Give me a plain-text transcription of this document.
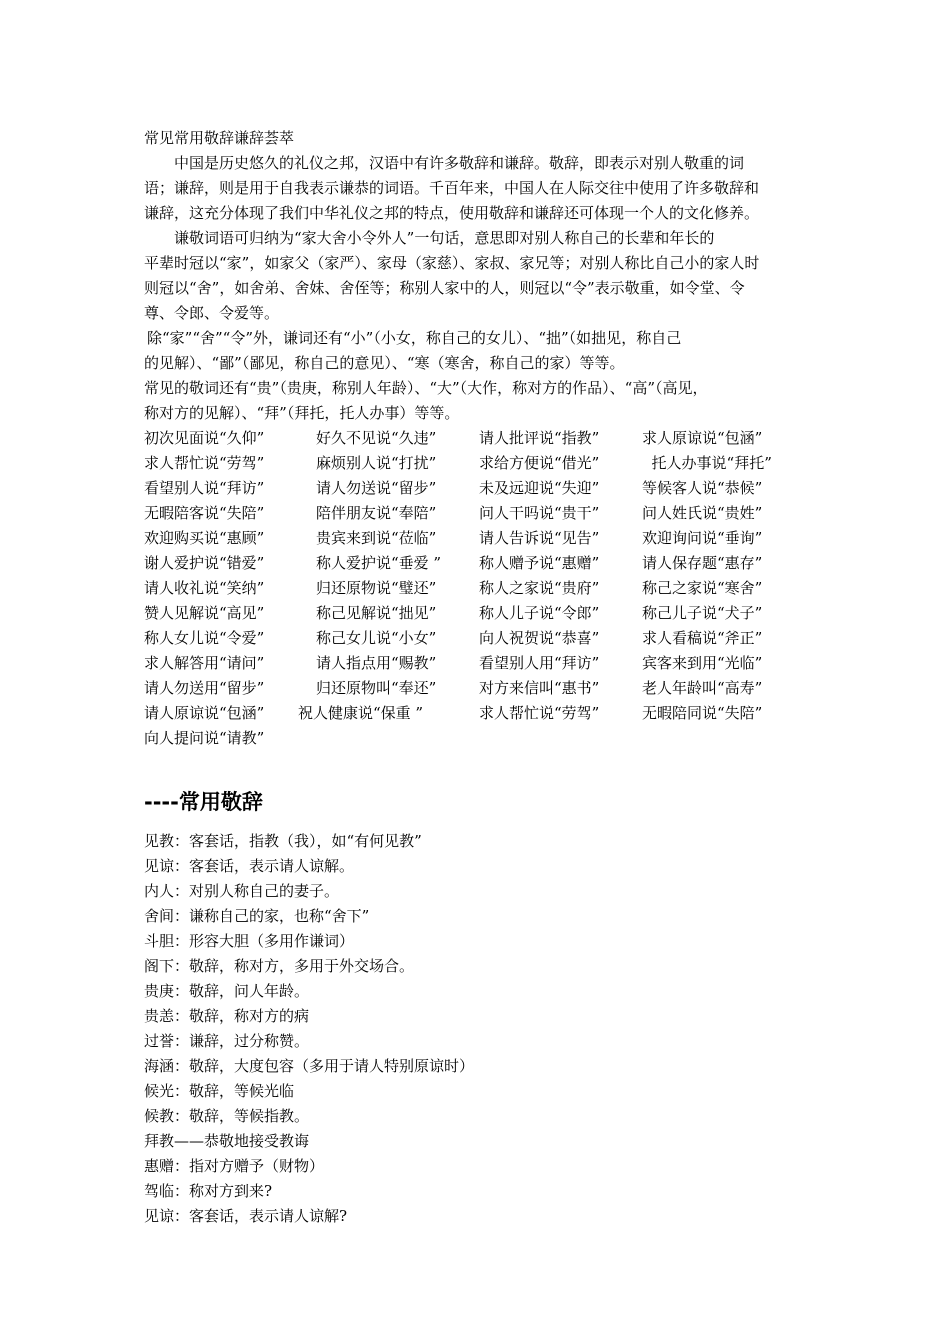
常见常用敬辞谦辞荟萃
中国是历史悠久的礼仪之邦，汉语中有许多敬辞和谦辞。敬辞，即表示对别人敬重的词
语；谦辞，则是用于自我表示谦恭的词语。千百年来，中国人在人际交往中使用了许多敬辞和
谦辞，这充分体现了我们中华礼仪之邦的特点，使用敬辞和谦辞还可体现一个人的文化修养。
谦敬词语可归纳为“家大舍小令外人”一句话，意思即对别人称自己的长辈和年长的
平辈时冠以“家”，如家父（家严）、家母（家慈）、家叔、家兄等；对别人称比自己小的家人时
则冠以“舍”，如舍弟、舍妹、舍侄等；称别人家中的人，则冠以“令”表示敬重，如令堂、令
尊、令郎、令爱等。
除“家”“舍”“令”外，谦词还有“小”（小女，称自己的女儿）、“拙”（如拙见，称自己
的见解）、“鄙”（鄙见，称自己的意见）、“寒（寒舍，称自己的家）等等。
常见的敬词还有“贵”（贵庚，称别人年龄）、“大”（大作，称对方的作品）、“高”（高见，
称对方的见解）、“拜”（拜托，托人办事）等等。
初次见面说“久仰”	好久不见说“久违”	请人批评说“指教”	求人原谅说“包涵”
求人帮忙说“劳驾”	麻烦别人说“打扰”	求给方便说“借光”	托人办事说“拜托”
看望别人说“拜访”	请人勿送说“留步”	未及远迎说“失迎”	等候客人说“恭候”
无暇陪客说“失陪”	陪伴朋友说“奉陪”	问人干吗说“贵干”	问人姓氏说“贵姓”
欢迎购买说“惠顾”	贵宾来到说“莅临”	请人告诉说“见告”	欢迎询问说“垂询”
谢人爱护说“错爱”	称人爱护说“垂爱 ”	称人赠予说“惠赠”	请人保存题“惠存”
请人收礼说“笑纳”	归还原物说“璧还”	称人之家说“贵府”	称己之家说“寒舍”
赞人见解说“高见”	称己见解说“拙见”	称人儿子说“令郎”	称己儿子说“犬子”
称人女儿说“令爱”	称己女儿说“小女”	向人祝贺说“恭喜”	求人看稿说“斧正”
求人解答用“请问”	请人指点用“赐教”	看望别人用“拜访”	宾客来到用“光临”
请人勿送用“留步”	归还原物叫“奉还”	对方来信叫“惠书”	老人年龄叫“高寿”
请人原谅说“包涵”	祝人健康说“保重 ”	求人帮忙说“劳驾”	无暇陪同说“失陪”
向人提问说“请教”
----常用敬辞
见教：客套话，指教（我），如“有何见教”
见谅：客套话，表示请人谅解。
内人：对别人称自己的妻子。
舍间：谦称自己的家，也称“舍下”
斗胆：形容大胆（多用作谦词）
阁下：敬辞，称对方，多用于外交场合。
贵庚：敬辞，问人年龄。
贵恙：敬辞，称对方的病
过誉：谦辞，过分称赞。
海涵：敬辞，大度包容（多用于请人特别原谅时）
候光：敬辞，等候光临
候教：敬辞，等候指教。
拜教——恭敬地接受教诲
惠赠：指对方赠予（财物）
驾临：称对方到来?
见谅：客套话，表示请人谅解?
